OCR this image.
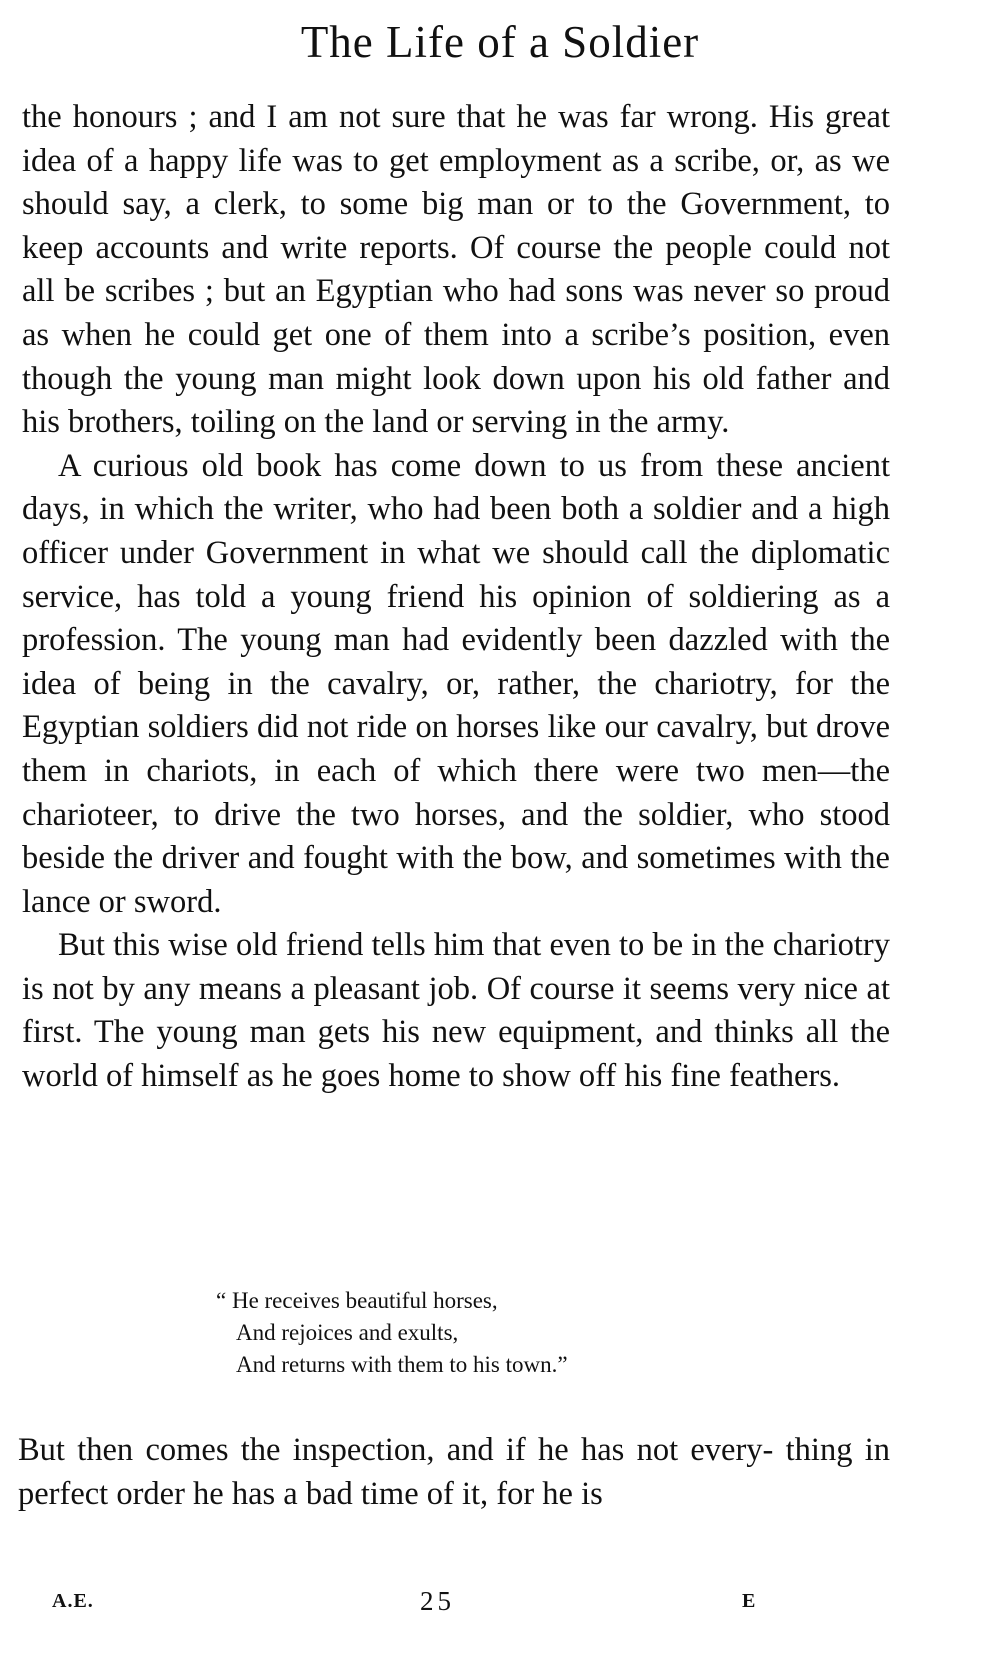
The Life of a Soldier

the honours ; and I am not sure that he was far wrong. His great idea of a happy life was to get employment as a scribe, or, as we should say, a clerk, to some big man or to the Government, to keep accounts and write reports. Of course the people could not all be scribes ; but an Egyptian who had sons was never so proud as when he could get one of them into a scribe’s position, even though the young man might look down upon his old father and his brothers, toiling on the land or serving in the army.

A curious old book has come down to us from these ancient days, in which the writer, who had been both a soldier and a high officer under Government in what we should call the diplomatic service, has told a young friend his opinion of soldiering as a profession. The young man had evidently been dazzled with the idea of being in the cavalry, or, rather, the chariotry, for the Egyptian soldiers did not ride on horses like our cavalry, but drove them in chariots, in each of which there were two men—the charioteer, to drive the two horses, and the soldier, who stood beside the driver and fought with the bow, and sometimes with the lance or sword.

But this wise old friend tells him that even to be in the chariotry is not by any means a pleasant job. Of course it seems very nice at first. The young man gets his new equipment, and thinks all the world of himself as he goes home to show off his fine feathers.

“ He receives beautiful horses,
And rejoices and exults,
And returns with them to his town.”

But then comes the inspection, and if he has not every- thing in perfect order he has a bad time of it, for he is

A.E.	25	E
